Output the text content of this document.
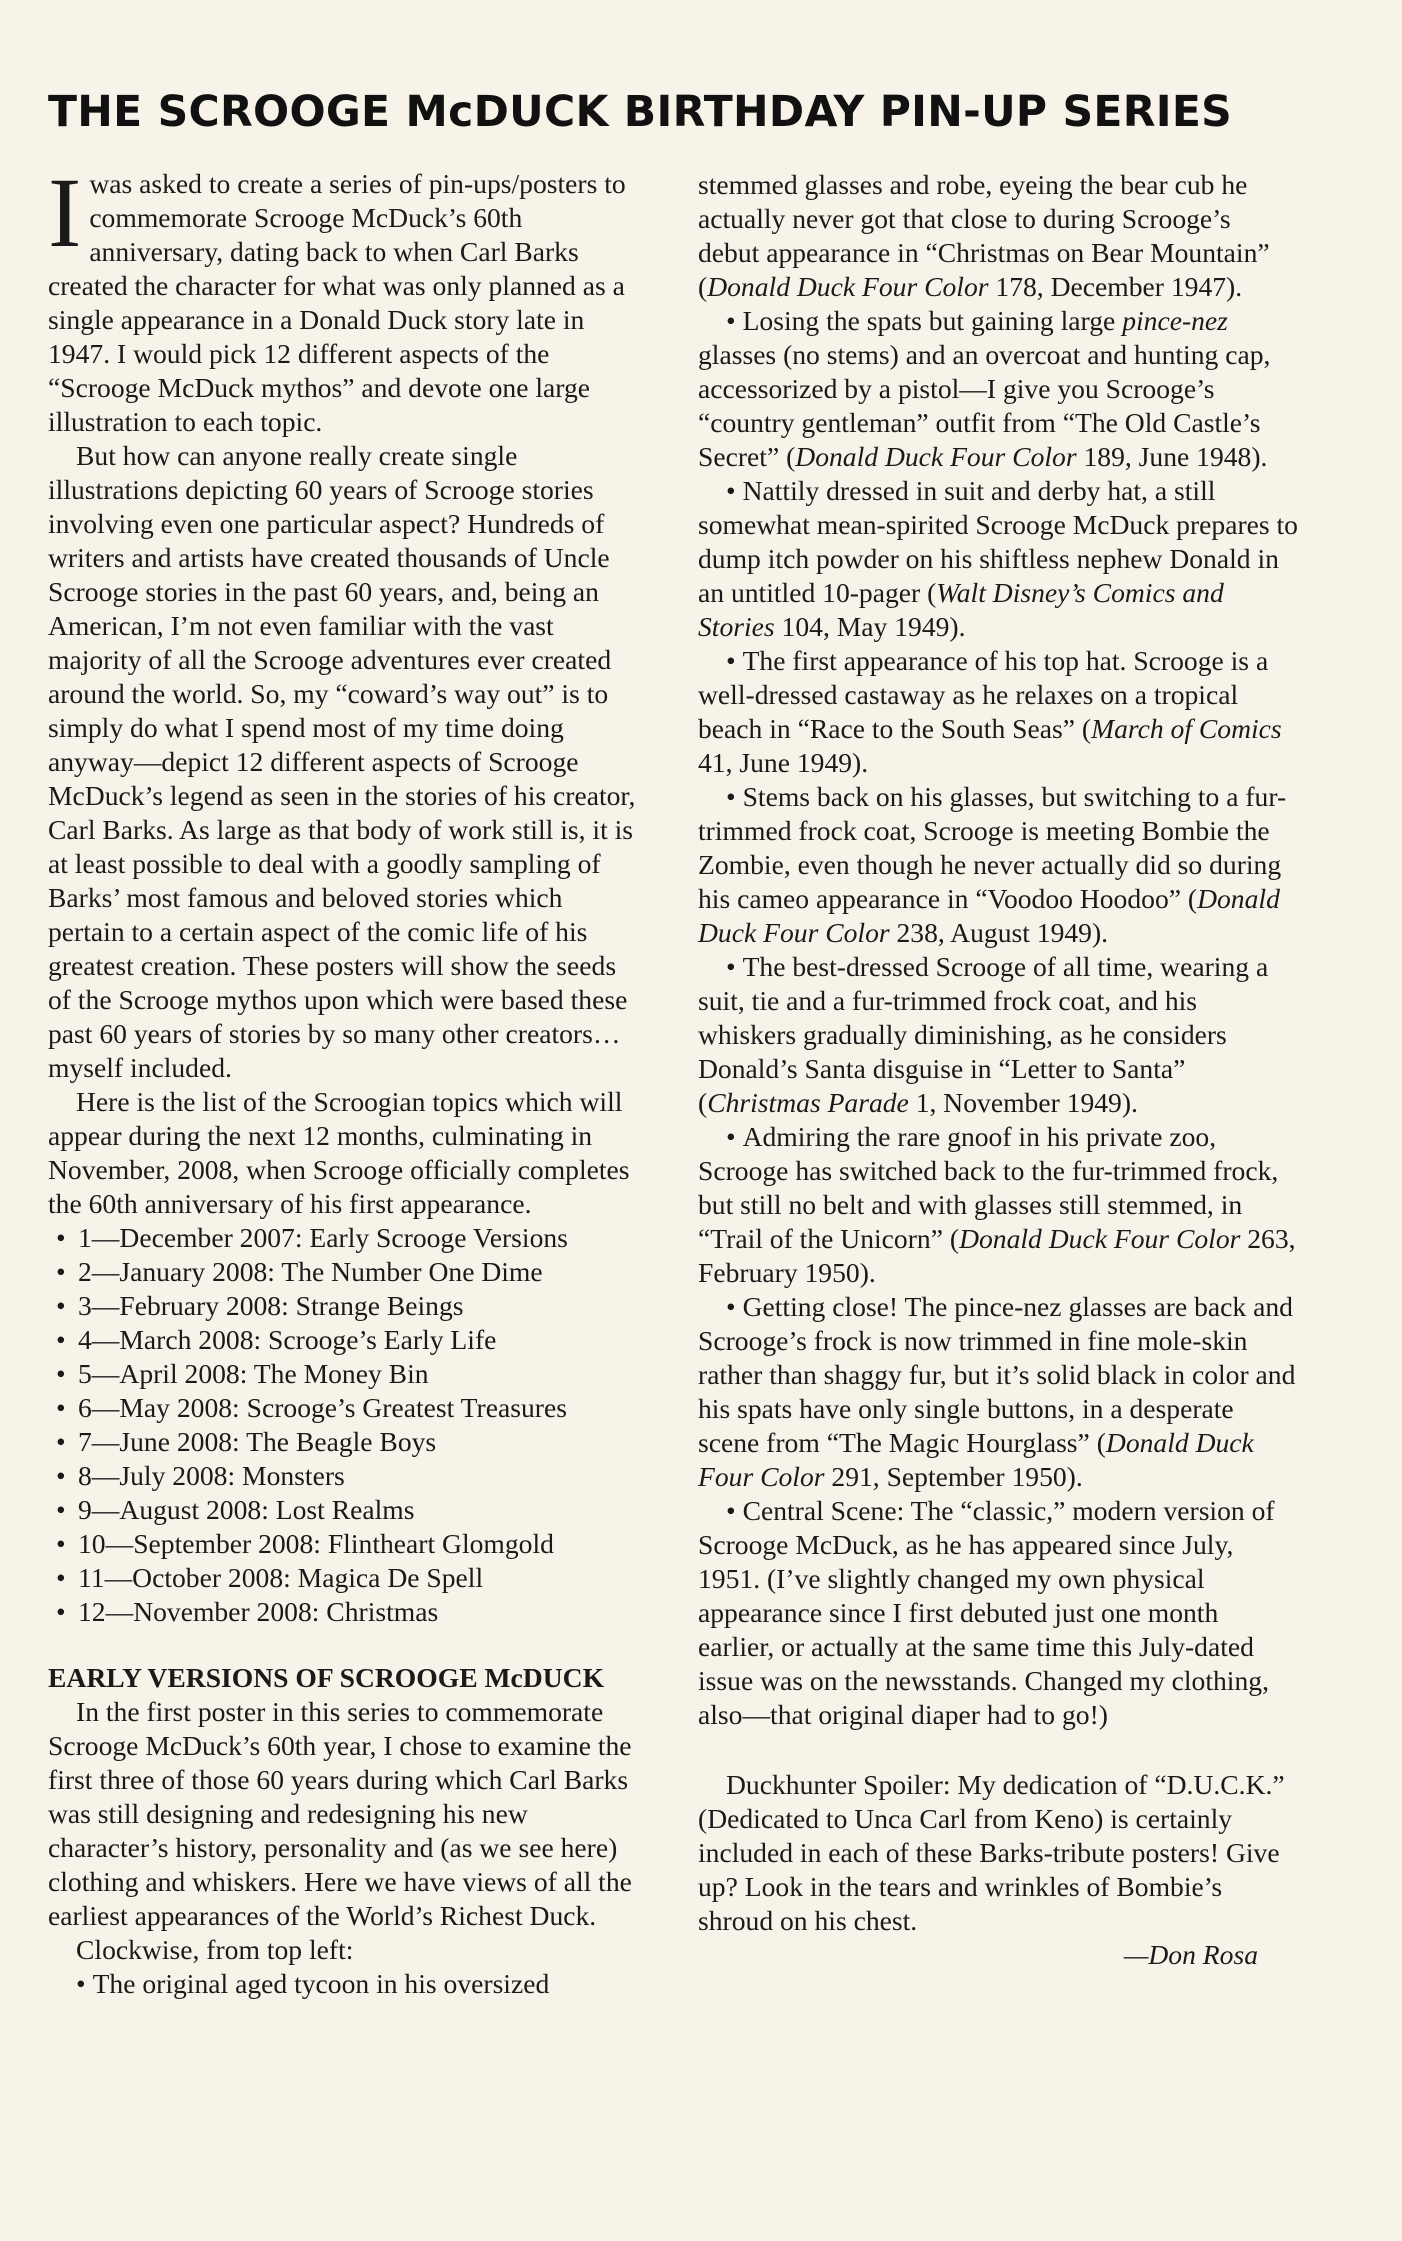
THE SCROOGE McDUCK BIRTHDAY PIN-UP SERIES

Iwas asked to create a series of pin-ups/posters to commemorate Scrooge McDuck’s 60th anniversary, dating back to when Carl Barks created the character for what was only planned as a single appearance in a Donald Duck story late in 1947. I would pick 12 different aspects of the “Scrooge McDuck mythos” and devote one large illustration to each topic.

But how can anyone really create single illustrations depicting 60 years of Scrooge stories involving even one particular aspect? Hundreds of writers and artists have created thousands of Uncle Scrooge stories in the past 60 years, and, being an American, I’m not even familiar with the vast majority of all the Scrooge adventures ever created around the world. So, my “coward’s way out” is to simply do what I spend most of my time doing anyway—depict 12 different aspects of Scrooge McDuck’s legend as seen in the stories of his creator, Carl Barks. As large as that body of work still is, it is at least possible to deal with a goodly sampling of Barks’ most famous and beloved stories which pertain to a certain aspect of the comic life of his greatest creation. These posters will show the seeds of the Scrooge mythos upon which were based these past 60 years of stories by so many other creators… myself included.

Here is the list of the Scroogian topics which will appear during the next 12 months, culminating in November, 2008, when Scrooge officially completes the 60th anniversary of his first appearance.

• 1—December 2007: Early Scrooge Versions
• 2—January 2008: The Number One Dime
• 3—February 2008: Strange Beings
• 4—March 2008: Scrooge’s Early Life
• 5—April 2008: The Money Bin
• 6—May 2008: Scrooge’s Greatest Treasures
• 7—June 2008: The Beagle Boys
• 8—July 2008: Monsters
• 9—August 2008: Lost Realms
• 10—September 2008: Flintheart Glomgold
• 11—October 2008: Magica De Spell
• 12—November 2008: Christmas

EARLY VERSIONS OF SCROOGE McDUCK

In the first poster in this series to commemorate Scrooge McDuck’s 60th year, I chose to examine the first three of those 60 years during which Carl Barks was still designing and redesigning his new character’s history, personality and (as we see here) clothing and whiskers. Here we have views of all the earliest appearances of the World’s Richest Duck.

Clockwise, from top left:

• The original aged tycoon in his oversized

stemmed glasses and robe, eyeing the bear cub he actually never got that close to during Scrooge’s debut appearance in “Christmas on Bear Mountain” (Donald Duck Four Color 178, December 1947).

• Losing the spats but gaining large pince-nez glasses (no stems) and an overcoat and hunting cap, accessorized by a pistol—I give you Scrooge’s “country gentleman” outfit from “The Old Castle’s Secret” (Donald Duck Four Color 189, June 1948).

• Nattily dressed in suit and derby hat, a still somewhat mean-spirited Scrooge McDuck prepares to dump itch powder on his shiftless nephew Donald in an untitled 10-pager (Walt Disney’s Comics and Stories 104, May 1949).

• The first appearance of his top hat. Scrooge is a well-dressed castaway as he relaxes on a tropical beach in “Race to the South Seas” (March of Comics 41, June 1949).

• Stems back on his glasses, but switching to a fur-trimmed frock coat, Scrooge is meeting Bombie the Zombie, even though he never actually did so during his cameo appearance in “Voodoo Hoodoo” (Donald Duck Four Color 238, August 1949).

• The best-dressed Scrooge of all time, wearing a suit, tie and a fur-trimmed frock coat, and his whiskers gradually diminishing, as he considers Donald’s Santa disguise in “Letter to Santa” (Christmas Parade 1, November 1949).

• Admiring the rare gnoof in his private zoo, Scrooge has switched back to the fur-trimmed frock, but still no belt and with glasses still stemmed, in “Trail of the Unicorn” (Donald Duck Four Color 263, February 1950).

• Getting close! The pince-nez glasses are back and Scrooge’s frock is now trimmed in fine mole-skin rather than shaggy fur, but it’s solid black in color and his spats have only single buttons, in a desperate scene from “The Magic Hourglass” (Donald Duck Four Color 291, September 1950).

• Central Scene: The “classic,” modern version of Scrooge McDuck, as he has appeared since July, 1951. (I’ve slightly changed my own physical appearance since I first debuted just one month earlier, or actually at the same time this July-dated issue was on the newsstands. Changed my clothing, also—that original diaper had to go!)

Duckhunter Spoiler: My dedication of “D.U.C.K.” (Dedicated to Unca Carl from Keno) is certainly included in each of these Barks-tribute posters! Give up? Look in the tears and wrinkles of Bombie’s shroud on his chest.

—Don Rosa
